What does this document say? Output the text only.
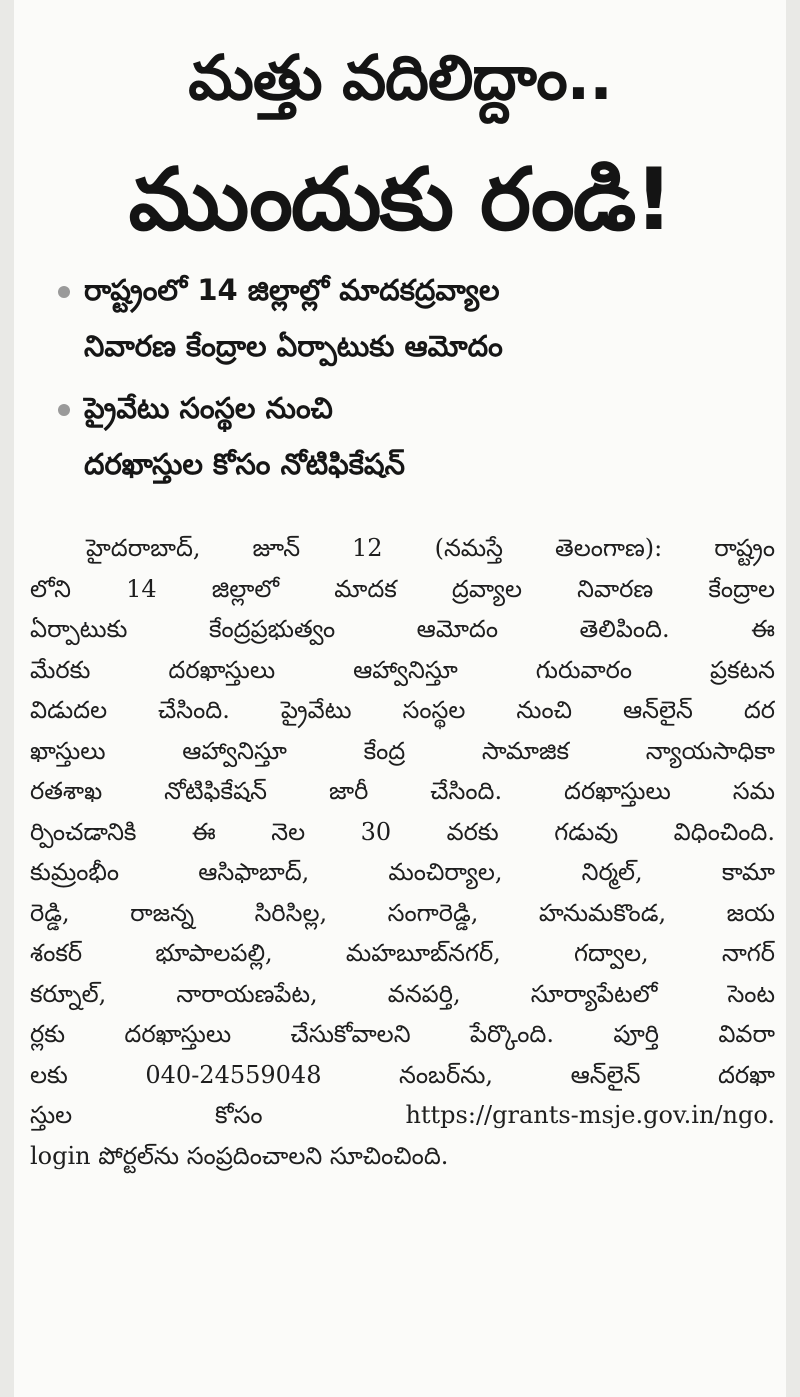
మత్తు వదిలిద్దాం..
ముందుకు రండి!
రాష్ట్రంలో 14 జిల్లాల్లో మాదకద్రవ్యాల
నివారణ కేంద్రాల ఏర్పాటుకు ఆమోదం
ప్రైవేటు సంస్థల నుంచి
దరఖాస్తుల కోసం నోటిఫికేషన్
హైదరాబాద్, జూన్ 12 (నమస్తే తెలంగాణ): రాష్ట్రం
లోని 14 జిల్లాలో మాదక ద్రవ్యాల నివారణ కేంద్రాల
ఏర్పాటుకు కేంద్రప్రభుత్వం ఆమోదం తెలిపింది. ఈ
మేరకు దరఖాస్తులు ఆహ్వానిస్తూ గురువారం ప్రకటన
విడుదల చేసింది. ప్రైవేటు సంస్థల నుంచి ఆన్‌లైన్ దర
ఖాస్తులు ఆహ్వానిస్తూ కేంద్ర సామాజిక న్యాయసాధికా
రతశాఖ నోటిఫికేషన్ జారీ చేసింది. దరఖాస్తులు సమ
ర్పించడానికి ఈ నెల 30 వరకు గడువు విధించింది.
కుమ్రంభీం ఆసిఫాబాద్, మంచిర్యాల, నిర్మల్, కామా
రెడ్డి, రాజన్న సిరిసిల్ల, సంగారెడ్డి, హనుమకొండ, జయ
శంకర్ భూపాలపల్లి, మహబూబ్‌నగర్, గద్వాల, నాగర్
కర్నూల్, నారాయణపేట, వనపర్తి, సూర్యాపేటలో సెంట
ర్లకు దరఖాస్తులు చేసుకోవాలని పేర్కొంది. పూర్తి వివరా
లకు 040-24559048 నంబర్‌ను, ఆన్‌లైన్ దరఖా
స్తుల కోసం https://grants-msje.gov.in/ngo.
login పోర్టల్‌ను సంప్రదించాలని సూచించింది.
